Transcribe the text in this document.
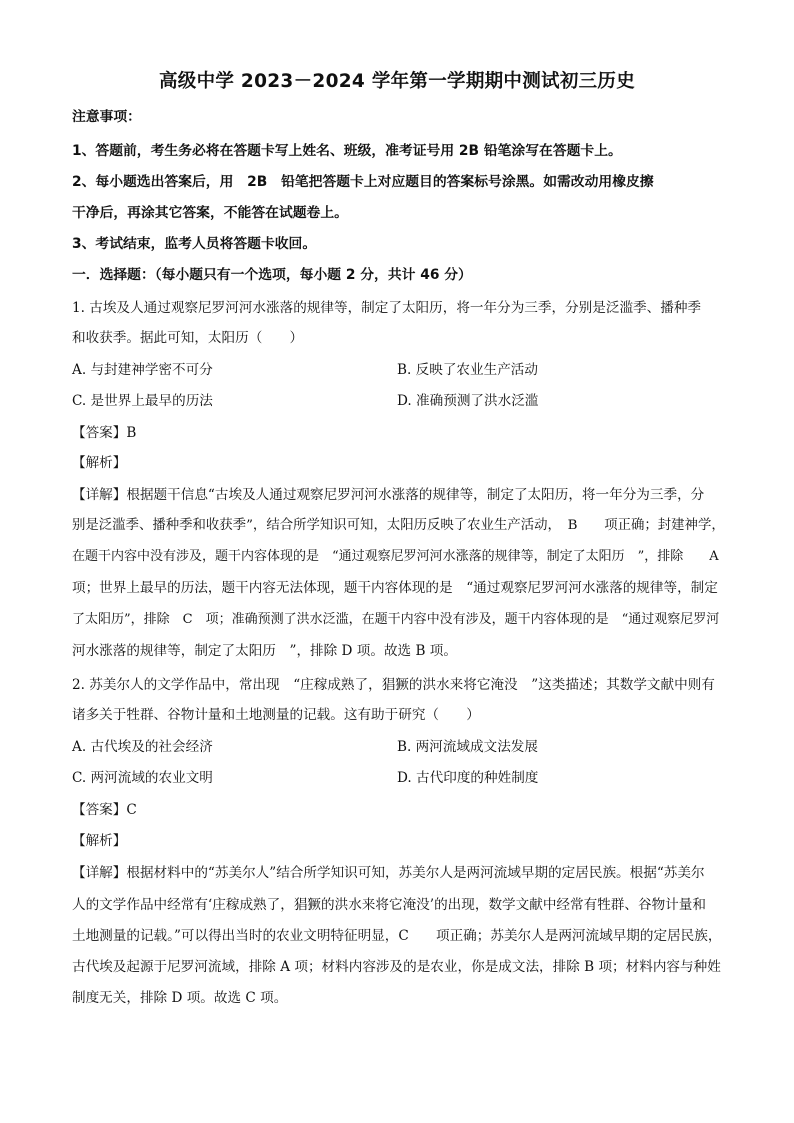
高级中学 2023－2024 学年第一学期期中测试初三历史
注意事项：
1、答题前，考生务必将在答题卡写上姓名、班级，准考证号用 2B 铅笔涂写在答题卡上。
2、每小题选出答案后，用　2B　铅笔把答题卡上对应题目的答案标号涂黑。如需改动用橡皮擦
干净后，再涂其它答案，不能答在试题卷上。
3、考试结束，监考人员将答题卡收回。
一．选择题：（每小题只有一个选项，每小题 2 分，共计 46 分）
1. 古埃及人通过观察尼罗河河水涨落的规律等，制定了太阳历，将一年分为三季，分别是泛滥季、播种季
和收获季。据此可知，太阳历（　　）
A. 与封建神学密不可分	B. 反映了农业生产活动
C. 是世界上最早的历法	D. 准确预测了洪水泛滥
【答案】B
【解析】
【详解】根据题干信息“古埃及人通过观察尼罗河河水涨落的规律等，制定了太阳历，将一年分为三季，分
别是泛滥季、播种季和收获季”，结合所学知识可知，太阳历反映了农业生产活动，　B　　项正确；封建神学，
在题干内容中没有涉及，题干内容体现的是　“通过观察尼罗河河水涨落的规律等，制定了太阳历　”，排除　　A
项；世界上最早的历法，题干内容无法体现，题干内容体现的是　“通过观察尼罗河河水涨落的规律等，制定
了太阳历”，排除　C　项；准确预测了洪水泛滥，在题干内容中没有涉及，题干内容体现的是　“通过观察尼罗河
河水涨落的规律等，制定了太阳历　”，排除 D 项。故选 B 项。
2. 苏美尔人的文学作品中，常出现　“庄稼成熟了，猖獗的洪水来将它淹没　”这类描述；其数学文献中则有
诸多关于牲群、谷物计量和土地测量的记载。这有助于研究（　　）
A. 古代埃及的社会经济	B. 两河流域成文法发展
C. 两河流域的农业文明	D. 古代印度的种姓制度
【答案】C
【解析】
【详解】根据材料中的“苏美尔人”结合所学知识可知，苏美尔人是两河流域早期的定居民族。根据“苏美尔
人的文学作品中经常有‘庄稼成熟了，猖獗的洪水来将它淹没’的出现，数学文献中经常有牲群、谷物计量和
土地测量的记载。”可以得出当时的农业文明特征明显，C　　项正确；苏美尔人是两河流域早期的定居民族，
古代埃及起源于尼罗河流域，排除 A 项；材料内容涉及的是农业，你是成文法，排除 B 项；材料内容与种姓
制度无关，排除 D 项。故选 C 项。
